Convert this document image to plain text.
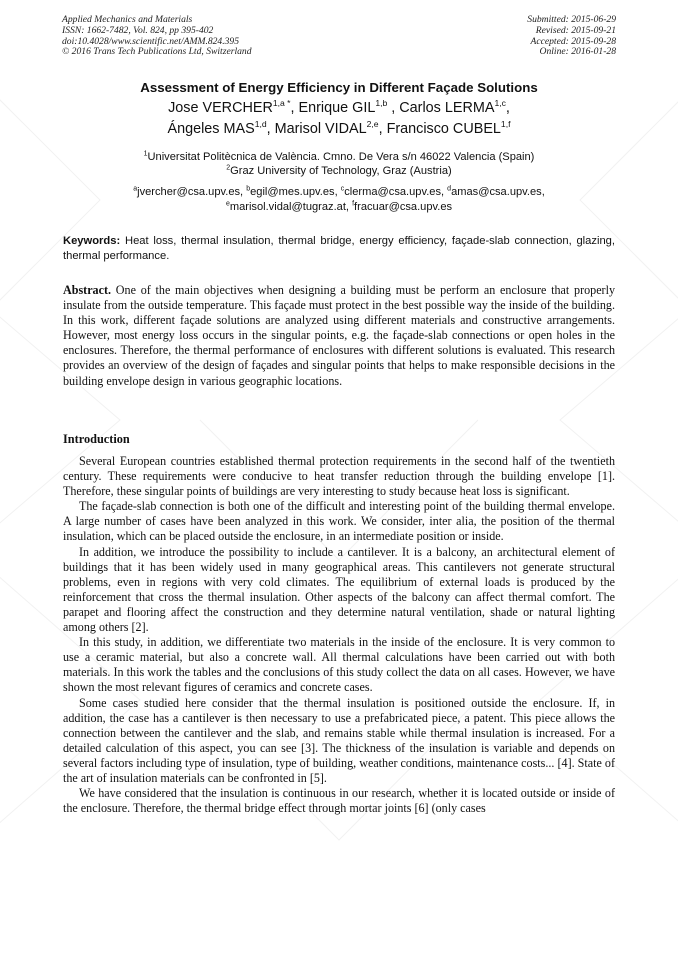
Applied Mechanics and Materials
ISSN: 1662-7482, Vol. 824, pp 395-402
doi:10.4028/www.scientific.net/AMM.824.395
© 2016 Trans Tech Publications Ltd, Switzerland
Submitted: 2015-06-29
Revised: 2015-09-21
Accepted: 2015-09-28
Online: 2016-01-28
Assessment of Energy Efficiency in Different Façade Solutions
Jose $VERCHER^{1,a *}$, Enrique GIL$^{1,b}$ , Carlos LERMA$^{1,c}$,
Ángeles MAS$^{1,d}$, Marisol VIDAL$^{2,e}$, Francisco CUBEL$^{1,f}$
$^1$Universitat Politècnica de València. Cmno. De Vera s/n 46022 Valencia (Spain)
$^2$Graz University of Technology, Graz (Austria)
$^a$jvercher@csa.upv.es, $^b$egil@mes.upv.es, $^c$clerma@csa.upv.es, $^d$amas@csa.upv.es,
$^e$marisol.vidal@tugraz.at, $^f$fracuar@csa.upv.es
Keywords: Heat loss, thermal insulation, thermal bridge, energy efficiency, façade-slab connection, glazing, thermal performance.
Abstract. One of the main objectives when designing a building must be perform an enclosure that properly insulate from the outside temperature. This façade must protect in the best possible way the inside of the building. In this work, different façade solutions are analyzed using different materials and constructive arrangements. However, most energy loss occurs in the singular points, e.g. the façade-slab connections or open holes in the enclosures. Therefore, the thermal performance of enclosures with different solutions is evaluated. This research provides an overview of the design of façades and singular points that helps to make responsible decisions in the building envelope design in various geographic locations.
Introduction

Several European countries established thermal protection requirements in the second half of the twentieth century. These requirements were conducive to heat transfer reduction through the building envelope [1]. Therefore, these singular points of buildings are very interesting to study because heat loss is significant.

The façade-slab connection is both one of the difficult and interesting point of the building thermal envelope. A large number of cases have been analyzed in this work. We consider, inter alia, the position of the thermal insulation, which can be placed outside the enclosure, in an intermediate position or inside.

In addition, we introduce the possibility to include a cantilever. It is a balcony, an architectural element of buildings that it has been widely used in many geographical areas. This cantilevers not generate structural problems, even in regions with very cold climates. The equilibrium of external loads is produced by the reinforcement that cross the thermal insulation. Other aspects of the balcony can affect thermal comfort. The parapet and flooring affect the construction and they determine natural ventilation, shade or natural lighting among others [2].

In this study, in addition, we differentiate two materials in the inside of the enclosure. It is very common to use a ceramic material, but also a concrete wall. All thermal calculations have been carried out with both materials. In this work the tables and the conclusions of this study collect the data on all cases. However, we have shown the most relevant figures of ceramics and concrete cases.

Some cases studied here consider that the thermal insulation is positioned outside the enclosure. If, in addition, the case has a cantilever is then necessary to use a prefabricated piece, a patent. This piece allows the connection between the cantilever and the slab, and remains stable while thermal insulation is increased. For a detailed calculation of this aspect, you can see [3]. The thickness of the insulation is variable and depends on several factors including type of insulation, type of building, weather conditions, maintenance costs... [4]. State of the art of insulation materials can be confronted in [5].

We have considered that the insulation is continuous in our research, whether it is located outside or inside of the enclosure. Therefore, the thermal bridge effect through mortar joints [6] (only cases
